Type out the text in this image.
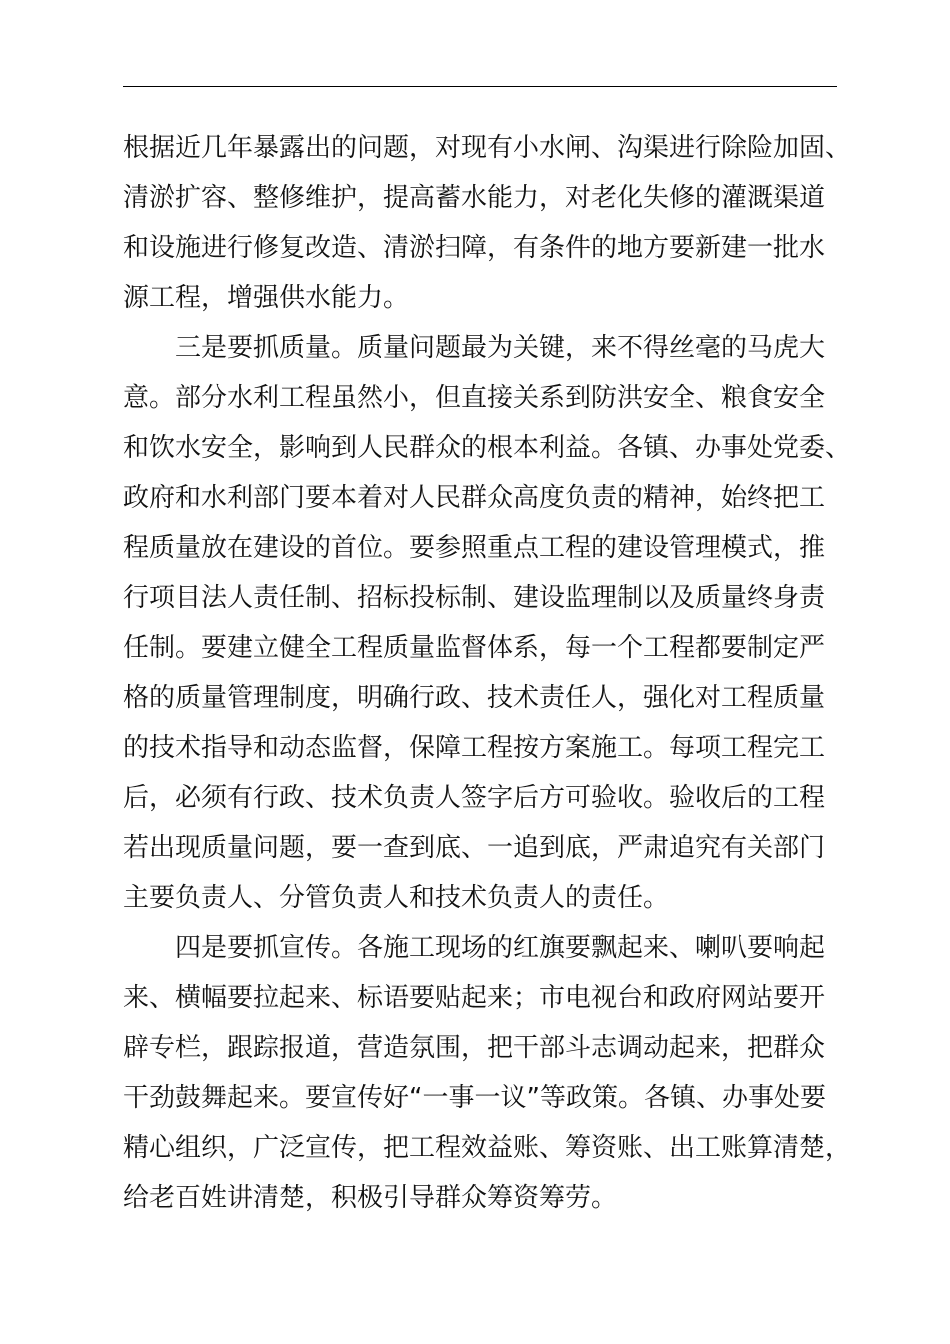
根据近几年暴露出的问题，对现有小水闸、沟渠进行除险加固、
清淤扩容、整修维护，提高蓄水能力，对老化失修的灌溉渠道
和设施进行修复改造、清淤扫障，有条件的地方要新建一批水
源工程，增强供水能力。
三是要抓质量。质量问题最为关键，来不得丝毫的马虎大
意。部分水利工程虽然小，但直接关系到防洪安全、粮食安全
和饮水安全，影响到人民群众的根本利益。各镇、办事处党委、
政府和水利部门要本着对人民群众高度负责的精神，始终把工
程质量放在建设的首位。要参照重点工程的建设管理模式，推
行项目法人责任制、招标投标制、建设监理制以及质量终身责
任制。要建立健全工程质量监督体系，每一个工程都要制定严
格的质量管理制度，明确行政、技术责任人，强化对工程质量
的技术指导和动态监督，保障工程按方案施工。每项工程完工
后，必须有行政、技术负责人签字后方可验收。验收后的工程
若出现质量问题，要一查到底、一追到底，严肃追究有关部门
主要负责人、分管负责人和技术负责人的责任。
四是要抓宣传。各施工现场的红旗要飘起来、喇叭要响起
来、横幅要拉起来、标语要贴起来；市电视台和政府网站要开
辟专栏，跟踪报道，营造氛围，把干部斗志调动起来，把群众
干劲鼓舞起来。要宣传好“一事一议”等政策。各镇、办事处要
精心组织，广泛宣传，把工程效益账、筹资账、出工账算清楚，
给老百姓讲清楚，积极引导群众筹资筹劳。
